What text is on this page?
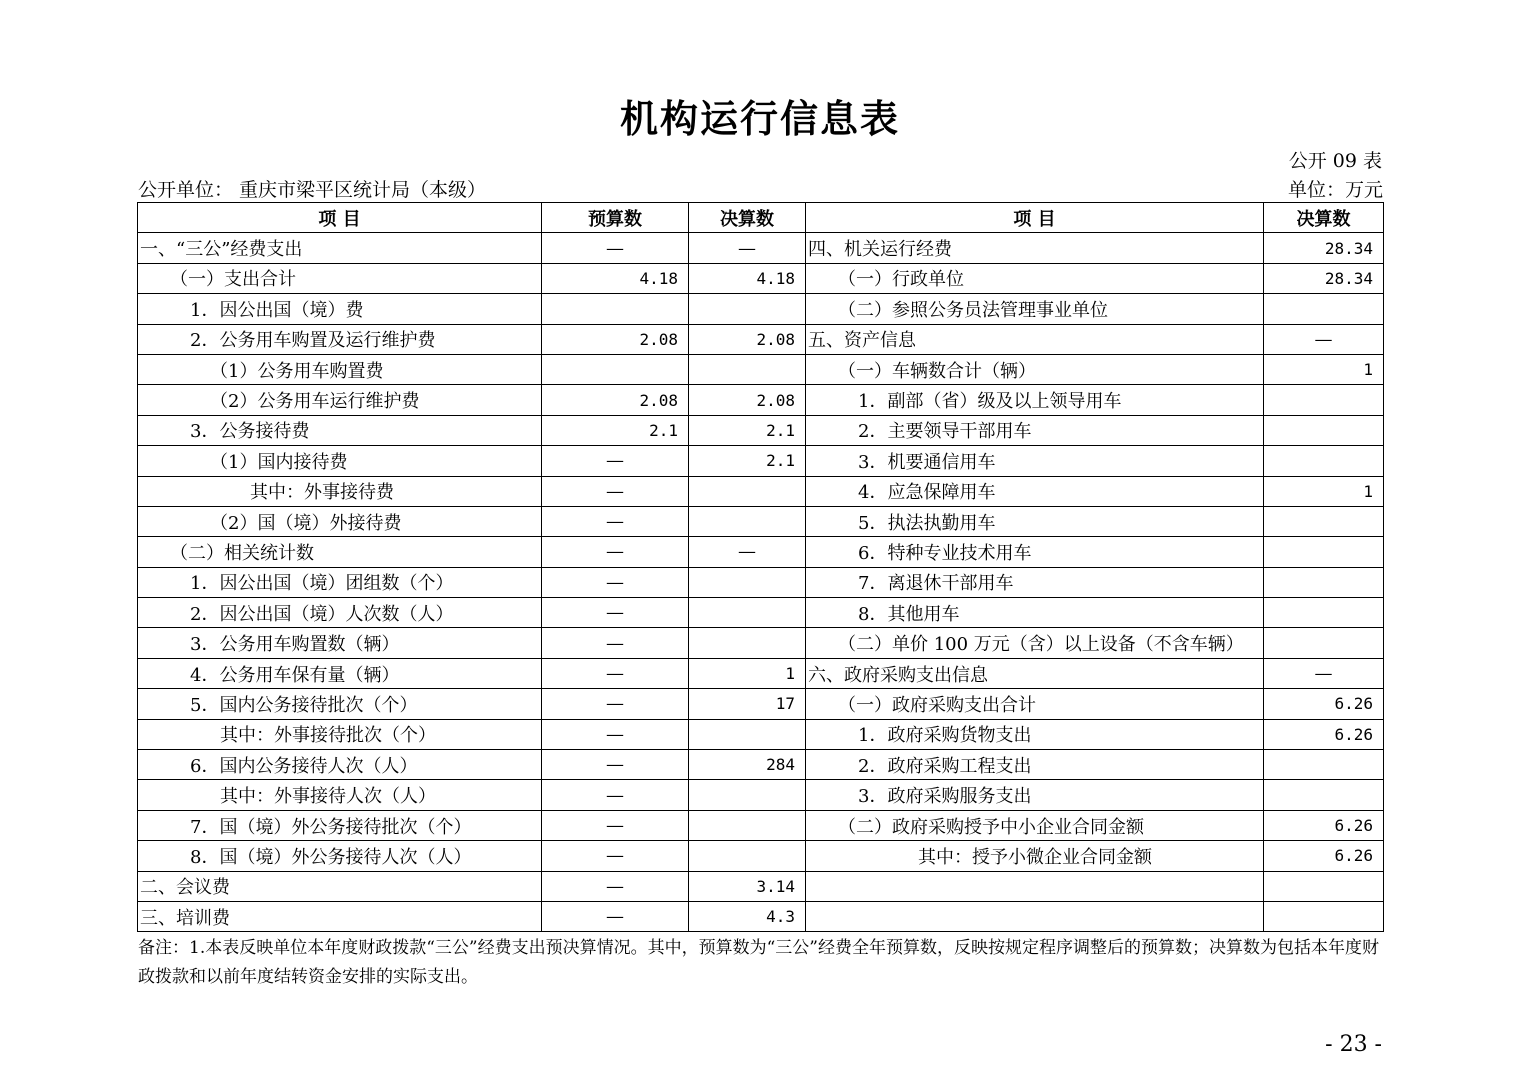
机构运行信息表
公开 09 表
公开单位： 重庆市梁平区统计局（本级）	单位：万元
项 目	预算数	决算数	项 目	决算数
一、“三公”经费支出	—	—	四、机关运行经费	28.34
（一）支出合计	4.18	4.18	（一）行政单位	28.34
1．因公出国（境）费			（二）参照公务员法管理事业单位	
2．公务用车购置及运行维护费	2.08	2.08	五、资产信息	—
（1）公务用车购置费			（一）车辆数合计（辆）	1
（2）公务用车运行维护费	2.08	2.08	1．副部（省）级及以上领导用车	
3．公务接待费	2.1	2.1	2．主要领导干部用车	
（1）国内接待费	—	2.1	3．机要通信用车	
其中：外事接待费	—		4．应急保障用车	1
（2）国（境）外接待费	—		5．执法执勤用车	
（二）相关统计数	—	—	6．特种专业技术用车	
1．因公出国（境）团组数（个）	—		7．离退休干部用车	
2．因公出国（境）人次数（人）	—		8．其他用车	
3．公务用车购置数（辆）	—		（二）单价 100 万元（含）以上设备（不含车辆）	
4．公务用车保有量（辆）	—	1	六、政府采购支出信息	—
5．国内公务接待批次（个）	—	17	（一）政府采购支出合计	6.26
其中：外事接待批次（个）	—		1．政府采购货物支出	6.26
6．国内公务接待人次（人）	—	284	2．政府采购工程支出	
其中：外事接待人次（人）	—		3．政府采购服务支出	
7．国（境）外公务接待批次（个）	—		（二）政府采购授予中小企业合同金额	6.26
8．国（境）外公务接待人次（人）	—		其中：授予小微企业合同金额	6.26
二、会议费	—	3.14		
三、培训费	—	4.3		
备注：1.本表反映单位本年度财政拨款“三公”经费支出预决算情况。其中，预算数为“三公”经费全年预算数，反映按规定程序调整后的预算数；决算数为包括本年度财政拨款和以前年度结转资金安排的实际支出。
- 23 -
